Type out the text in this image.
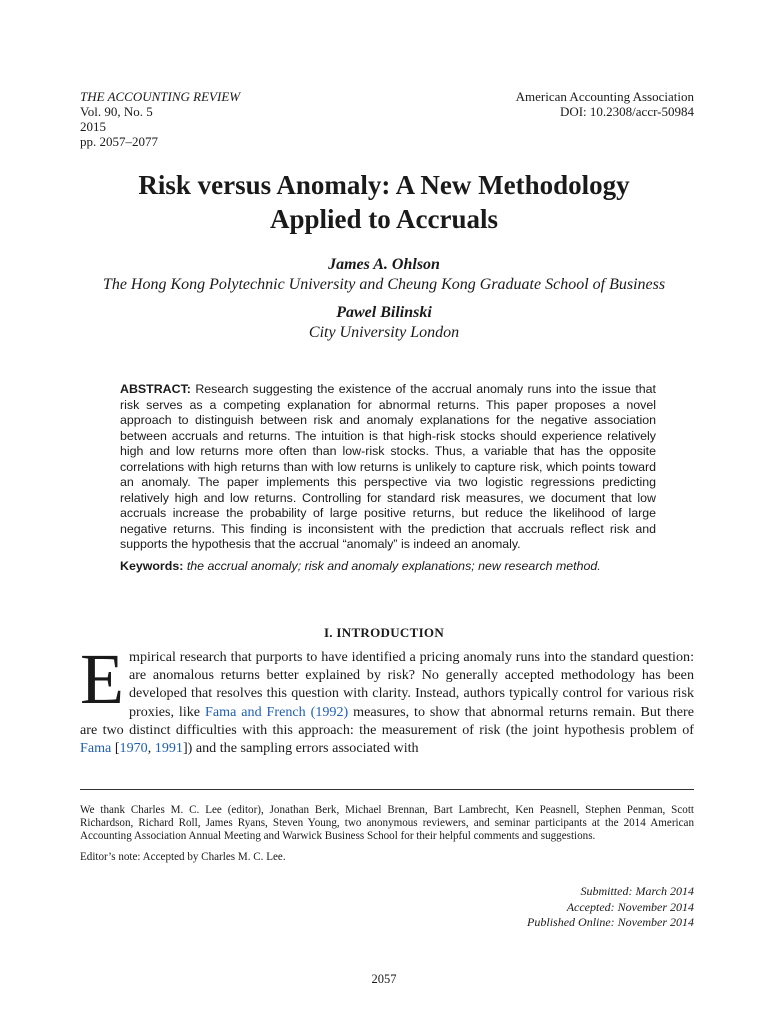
THE ACCOUNTING REVIEW
Vol. 90, No. 5
2015
pp. 2057–2077
American Accounting Association
DOI: 10.2308/accr-50984
Risk versus Anomaly: A New Methodology
Applied to Accruals

James A. Ohlson

The Hong Kong Polytechnic University and Cheung Kong Graduate School of Business

Pawel Bilinski

City University London

ABSTRACT: Research suggesting the existence of the accrual anomaly runs into the issue that risk serves as a competing explanation for abnormal returns. This paper proposes a novel approach to distinguish between risk and anomaly explanations for the negative association between accruals and returns. The intuition is that high-risk stocks should experience relatively high and low returns more often than low-risk stocks. Thus, a variable that has the opposite correlations with high returns than with low returns is unlikely to capture risk, which points toward an anomaly. The paper implements this perspective via two logistic regressions predicting relatively high and low returns. Controlling for standard risk measures, we document that low accruals increase the probability of large positive returns, but reduce the likelihood of large negative returns. This finding is inconsistent with the prediction that accruals reflect risk and supports the hypothesis that the accrual “anomaly” is indeed an anomaly.

Keywords: the accrual anomaly; risk and anomaly explanations; new research method.

I. INTRODUCTION

Empirical research that purports to have identified a pricing anomaly runs into the standard question: are anomalous returns better explained by risk? No generally accepted methodology has been developed that resolves this question with clarity. Instead, authors typically control for various risk proxies, like Fama and French (1992) measures, to show that abnormal returns remain. But there are two distinct difficulties with this approach: the measurement of risk (the joint hypothesis problem of Fama [1970, 1991]) and the sampling errors associated with

We thank Charles M. C. Lee (editor), Jonathan Berk, Michael Brennan, Bart Lambrecht, Ken Peasnell, Stephen Penman, Scott Richardson, Richard Roll, James Ryans, Steven Young, two anonymous reviewers, and seminar participants at the 2014 American Accounting Association Annual Meeting and Warwick Business School for their helpful comments and suggestions.

Editor’s note: Accepted by Charles M. C. Lee.

Submitted: March 2014
Accepted: November 2014
Published Online: November 2014
2057
